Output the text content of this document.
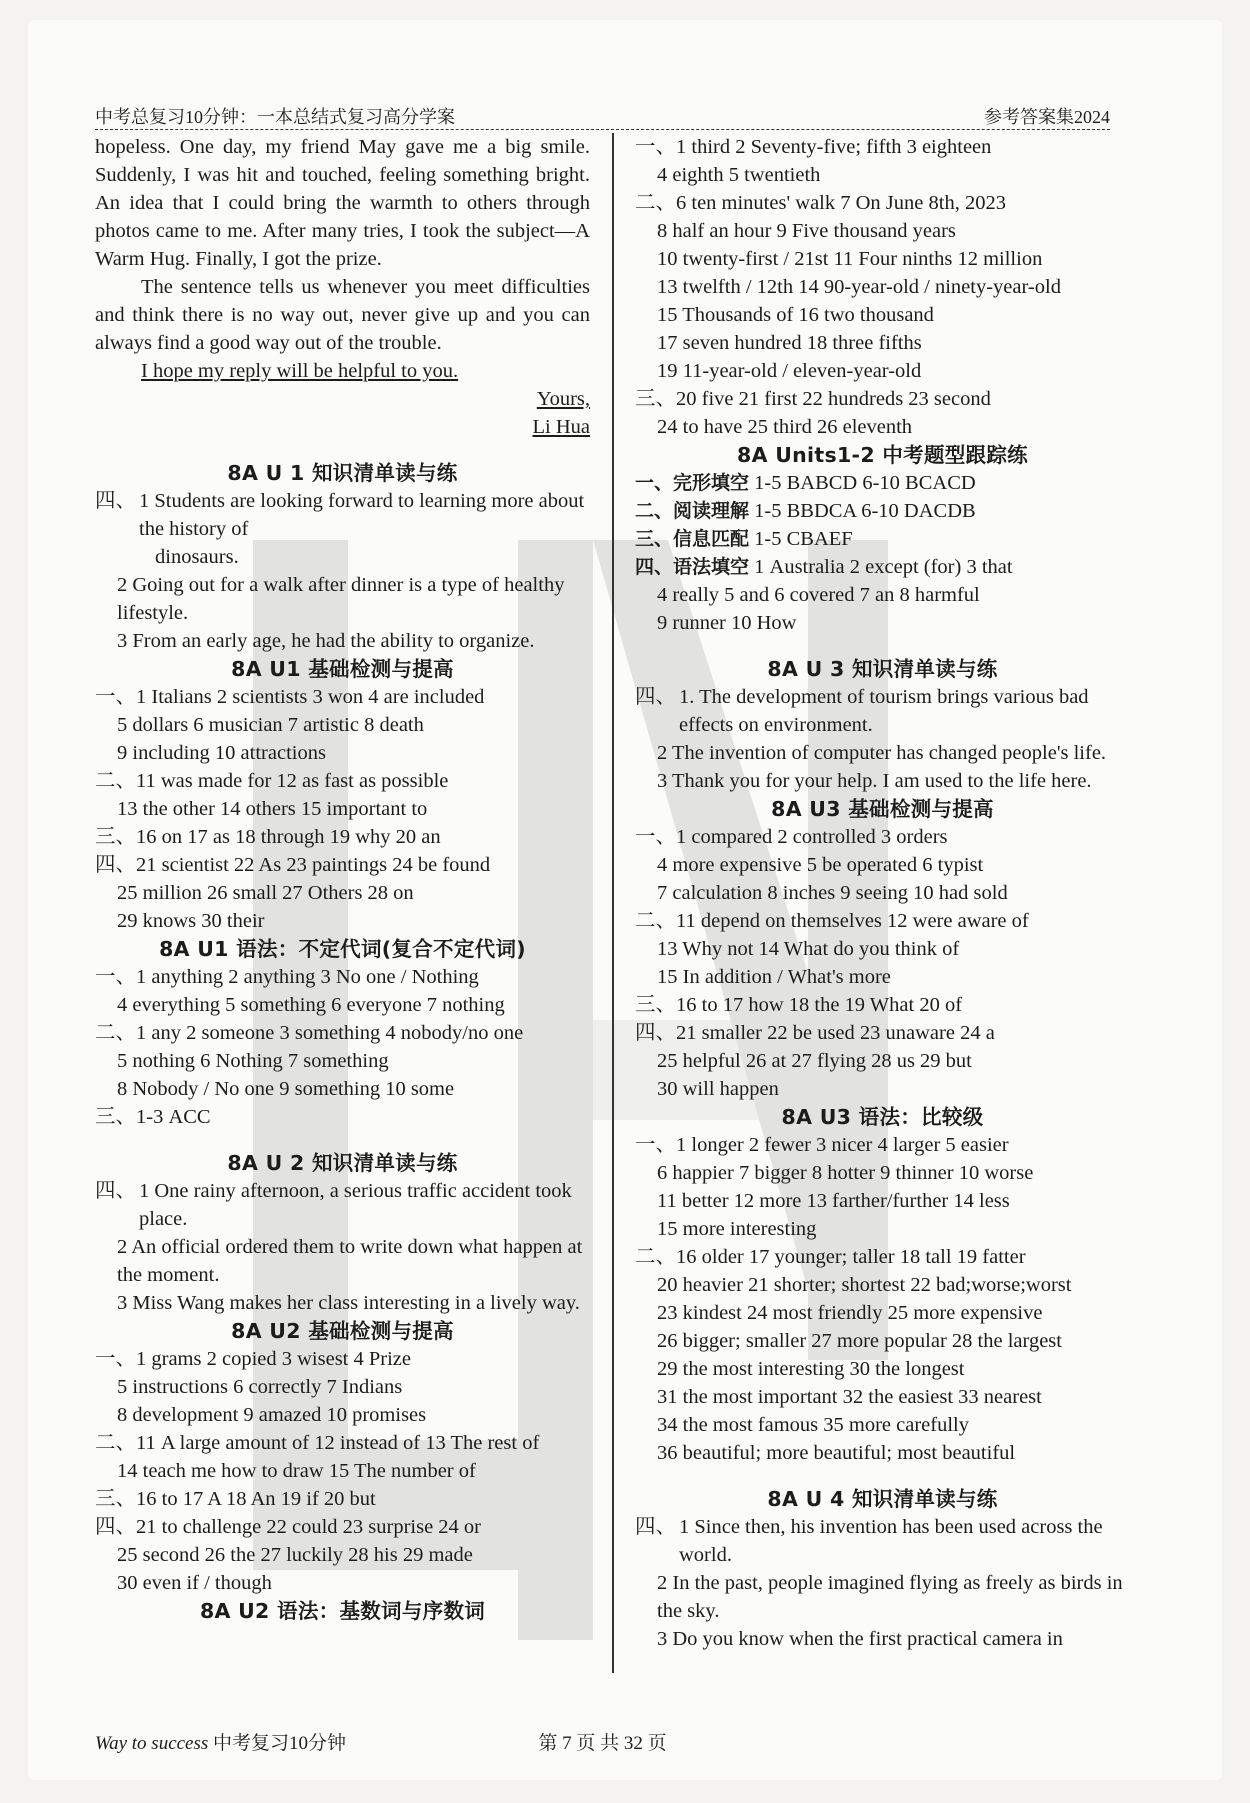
中考总复习10分钟：一本总结式复习高分学案	参考答案集2024
hopeless. One day, my friend May gave me a big smile. Suddenly, I was hit and touched, feeling something bright. An idea that I could bring the warmth to others through photos came to me. After many tries, I took the subject—A Warm Hug. Finally, I got the prize.
The sentence tells us whenever you meet difficulties and think there is no way out, never give up and you can always find a good way out of the trouble.
I hope my reply will be helpful to you.
Yours,
Li Hua
8A U 1 知识清单读与练
四、 1 Students are looking forward to learning more about the history of
dinosaurs.
2 Going out for a walk after dinner is a type of healthy lifestyle.
3 From an early age, he had the ability to organize.
8A U1 基础检测与提高
一、1 Italians 2 scientists 3 won 4 are included
5 dollars 6 musician 7 artistic 8 death
9 including 10 attractions
二、11 was made for 12 as fast as possible
13 the other 14 others 15 important to
三、16 on 17 as 18 through 19 why 20 an
四、21 scientist 22 As 23 paintings 24 be found
25 million 26 small 27 Others 28 on
29 knows 30 their
8A U1 语法：不定代词(复合不定代词)
一、1 anything 2 anything 3 No one / Nothing
4 everything 5 something 6 everyone 7 nothing
二、1 any 2 someone 3 something 4 nobody/no one
5 nothing 6 Nothing 7 something
8 Nobody / No one 9 something 10 some
三、1-3 ACC
8A U 2 知识清单读与练
四、 1 One rainy afternoon, a serious traffic accident took place.
2 An official ordered them to write down what happen at the moment.
3 Miss Wang makes her class interesting in a lively way.
8A U2 基础检测与提高
一、1 grams 2 copied 3 wisest 4 Prize
5 instructions 6 correctly 7 Indians
8 development 9 amazed 10 promises
二、11 A large amount of 12 instead of 13 The rest of
14 teach me how to draw 15 The number of
三、16 to 17 A 18 An 19 if 20 but
四、21 to challenge 22 could 23 surprise 24 or
25 second 26 the 27 luckily 28 his 29 made
30 even if / though
8A U2 语法：基数词与序数词
一、1 third 2 Seventy-five; fifth 3 eighteen
4 eighth 5 twentieth
二、6 ten minutes' walk 7 On June 8th, 2023
8 half an hour 9 Five thousand years
10 twenty-first / 21st 11 Four ninths 12 million
13 twelfth / 12th 14 90-year-old / ninety-year-old
15 Thousands of 16 two thousand
17 seven hundred 18 three fifths
19 11-year-old / eleven-year-old
三、20 five 21 first 22 hundreds 23 second
24 to have 25 third 26 eleventh
8A Units1-2 中考题型跟踪练
一、完形填空 1-5 BABCD 6-10 BCACD
二、阅读理解 1-5 BBDCA 6-10 DACDB
三、信息匹配 1-5 CBAEF
四、语法填空 1 Australia 2 except (for) 3 that
4 really 5 and 6 covered 7 an 8 harmful
9 runner 10 How
8A U 3 知识清单读与练
四、 1. The development of tourism brings various bad effects on environment.
2 The invention of computer has changed people's life.
3 Thank you for your help. I am used to the life here.
8A U3 基础检测与提高
一、1 compared 2 controlled 3 orders
4 more expensive 5 be operated 6 typist
7 calculation 8 inches 9 seeing 10 had sold
二、11 depend on themselves 12 were aware of
13 Why not 14 What do you think of
15 In addition / What's more
三、16 to 17 how 18 the 19 What 20 of
四、21 smaller 22 be used 23 unaware 24 a
25 helpful 26 at 27 flying 28 us 29 but
30 will happen
8A U3 语法：比较级
一、1 longer 2 fewer 3 nicer 4 larger 5 easier
6 happier 7 bigger 8 hotter 9 thinner 10 worse
11 better 12 more 13 farther/further 14 less
15 more interesting
二、16 older 17 younger; taller 18 tall 19 fatter
20 heavier 21 shorter; shortest 22 bad;worse;worst
23 kindest 24 most friendly 25 more expensive
26 bigger; smaller 27 more popular 28 the largest
29 the most interesting 30 the longest
31 the most important 32 the easiest 33 nearest
34 the most famous 35 more carefully
36 beautiful; more beautiful; most beautiful
8A U 4 知识清单读与练
四、 1 Since then, his invention has been used across the world.
2 In the past, people imagined flying as freely as birds in the sky.
3 Do you know when the first practical camera in
Way to success 中考复习10分钟	第 7 页 共 32 页
